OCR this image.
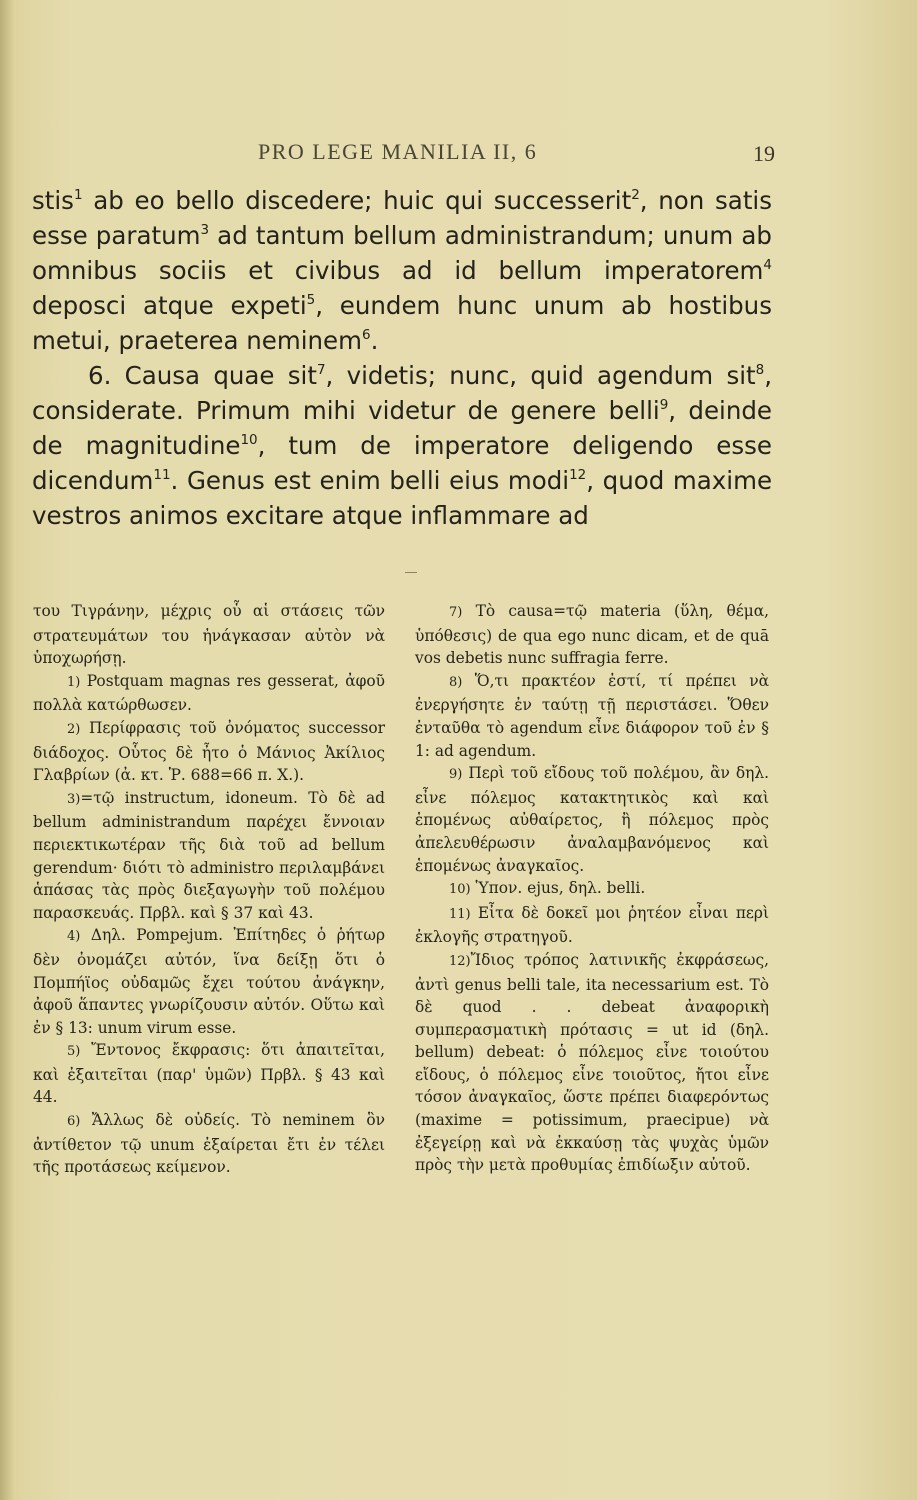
PRO LEGE MANILIA II, 6	19

stis$^1$ ab eo bello discedere; huic qui successerit$^2$, non satis esse paratum$^3$ ad tantum bellum administrandum; unum ab omnibus sociis et civibus ad id bellum imperatorem$^4$ deposci atque expeti$^5$, eundem hunc unum ab hostibus metui, praeterea neminem$^6$.

6. Causa quae sit$^7$, videtis; nunc, quid agendum sit$^8$, considerate. Primum mihi videtur de genere belli$^9$, deinde de magnitudine$^{10}$, tum de imperatore deligendo esse dicendum$^{11}$. Genus est enim belli eius modi$^{12}$, quod maxime vestros animos excitare atque inflammare ad

του Τιγράνην, μέχρις οὗ αἱ στάσεις τῶν στρατευμάτων του ἠνάγκασαν αὐτὸν νὰ ὑποχωρήσῃ.

1) Postquam magnas res gesserat, ἀφοῦ πολλὰ κατώρθωσεν.

2) Περίφρασις τοῦ ὀνόματος successor διάδοχος. Οὗτος δὲ ἦτο ὁ Μάνιος Ἀκίλιος Γλαβρίων (ἀ. κτ. Ῥ. 688=66 π. Χ.).

3)=τῷ instructum, idoneum. Τὸ δὲ ad bellum administrandum παρέχει ἔννοιαν περιεκτικωτέραν τῆς διὰ τοῦ ad bellum gerendum· διότι τὸ administro περιλαμβάνει ἁπάσας τὰς πρὸς διεξαγωγὴν τοῦ πολέμου παρασκευάς. Πρβλ. καὶ § 37 καὶ 43.

4) Δηλ. Pompejum. Ἐπίτηδες ὁ ῥήτωρ δὲν ὀνομάζει αὐτόν, ἵνα δείξῃ ὅτι ὁ Πομπήϊος οὐδαμῶς ἔχει τούτου ἀνάγκην, ἀφοῦ ἅπαντες γνωρίζουσιν αὐτόν. Οὕτω καὶ ἐν § 13: unum virum esse.

5) Ἔντονος ἔκφρασις: ὅτι ἀπαιτεῖται, καὶ ἐξαιτεῖται (παρ' ὑμῶν) Πρβλ. § 43 καὶ 44.

6) Ἄλλως δὲ οὐδείς. Τὸ neminem ὃν ἀντίθετον τῷ unum ἐξαίρεται ἔτι ἐν τέλει τῆς προτάσεως κείμενον.

7) Τὸ causa=τῷ materia (ὕλη, θέμα, ὑπόθεσις) de qua ego nunc dicam, et de quā vos debetis nunc suffragia ferre.

8) Ὅ,τι πρακτέον ἐστί, τί πρέπει νὰ ἐνεργήσητε ἐν ταύτῃ τῇ περιστάσει. Ὅθεν ἐνταῦθα τὸ agendum εἶνε διάφορον τοῦ ἐν § 1: ad agendum.

9) Περὶ τοῦ εἴδους τοῦ πολέμου, ἂν δηλ. εἶνε πόλεμος κατακτητικὸς καὶ καὶ ἑπομένως αὐθαίρετος, ἢ πόλεμος πρὸς ἀπελευθέρωσιν ἀναλαμβανόμενος καὶ ἑπομένως ἀναγκαῖος.

10) Ὑπον. ejus, δηλ. belli.

11) Εἶτα δὲ δοκεῖ μοι ῥητέον εἶναι περὶ ἐκλογῆς στρατηγοῦ.

12)Ἴδιος τρόπος λατινικῆς ἐκφράσεως, ἀντὶ genus belli tale, ita necessarium est. Τὸ δὲ quod . . debeat ἀναφορικὴ συμπερασματικὴ πρότασις = ut id (δηλ. bellum) debeat: ὁ πόλεμος εἶνε τοιούτου εἴδους, ὁ πόλεμος εἶνε τοιοῦτος, ἤτοι εἶνε τόσον ἀναγκαῖος, ὥστε πρέπει διαφερόντως (maxime = potissimum, praecipue) νὰ ἐξεγείρῃ καὶ νὰ ἐκκαύσῃ τὰς ψυχὰς ὑμῶν πρὸς τὴν μετὰ προθυμίας ἐπιδίωξιν αὐτοῦ.
